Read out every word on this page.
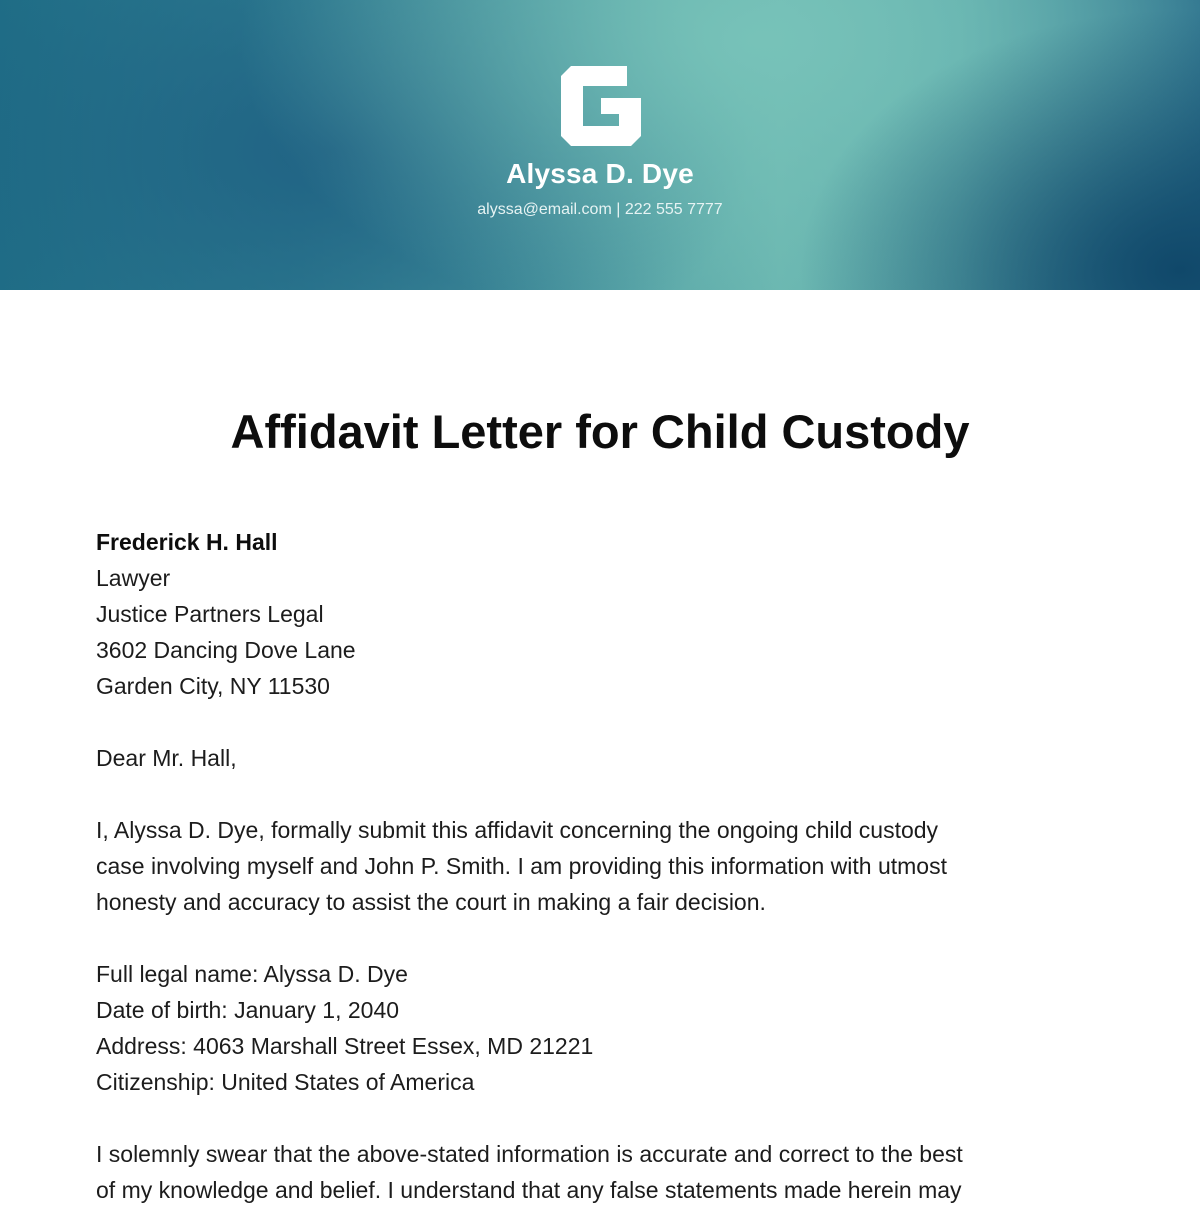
Alyssa D. Dye
alyssa@email.com | 222 555 7777
Affidavit Letter for Child Custody
Frederick H. Hall
Lawyer
Justice Partners Legal
3602 Dancing Dove Lane
Garden City, NY 11530
Dear Mr. Hall,

I, Alyssa D. Dye, formally submit this affidavit concerning the ongoing child custody
case involving myself and John P. Smith. I am providing this information with utmost
honesty and accuracy to assist the court in making a fair decision.

Full legal name: Alyssa D. Dye
Date of birth: January 1, 2040
Address: 4063 Marshall Street Essex, MD 21221
Citizenship: United States of America

I solemnly swear that the above-stated information is accurate and correct to the best
of my knowledge and belief. I understand that any false statements made herein may
